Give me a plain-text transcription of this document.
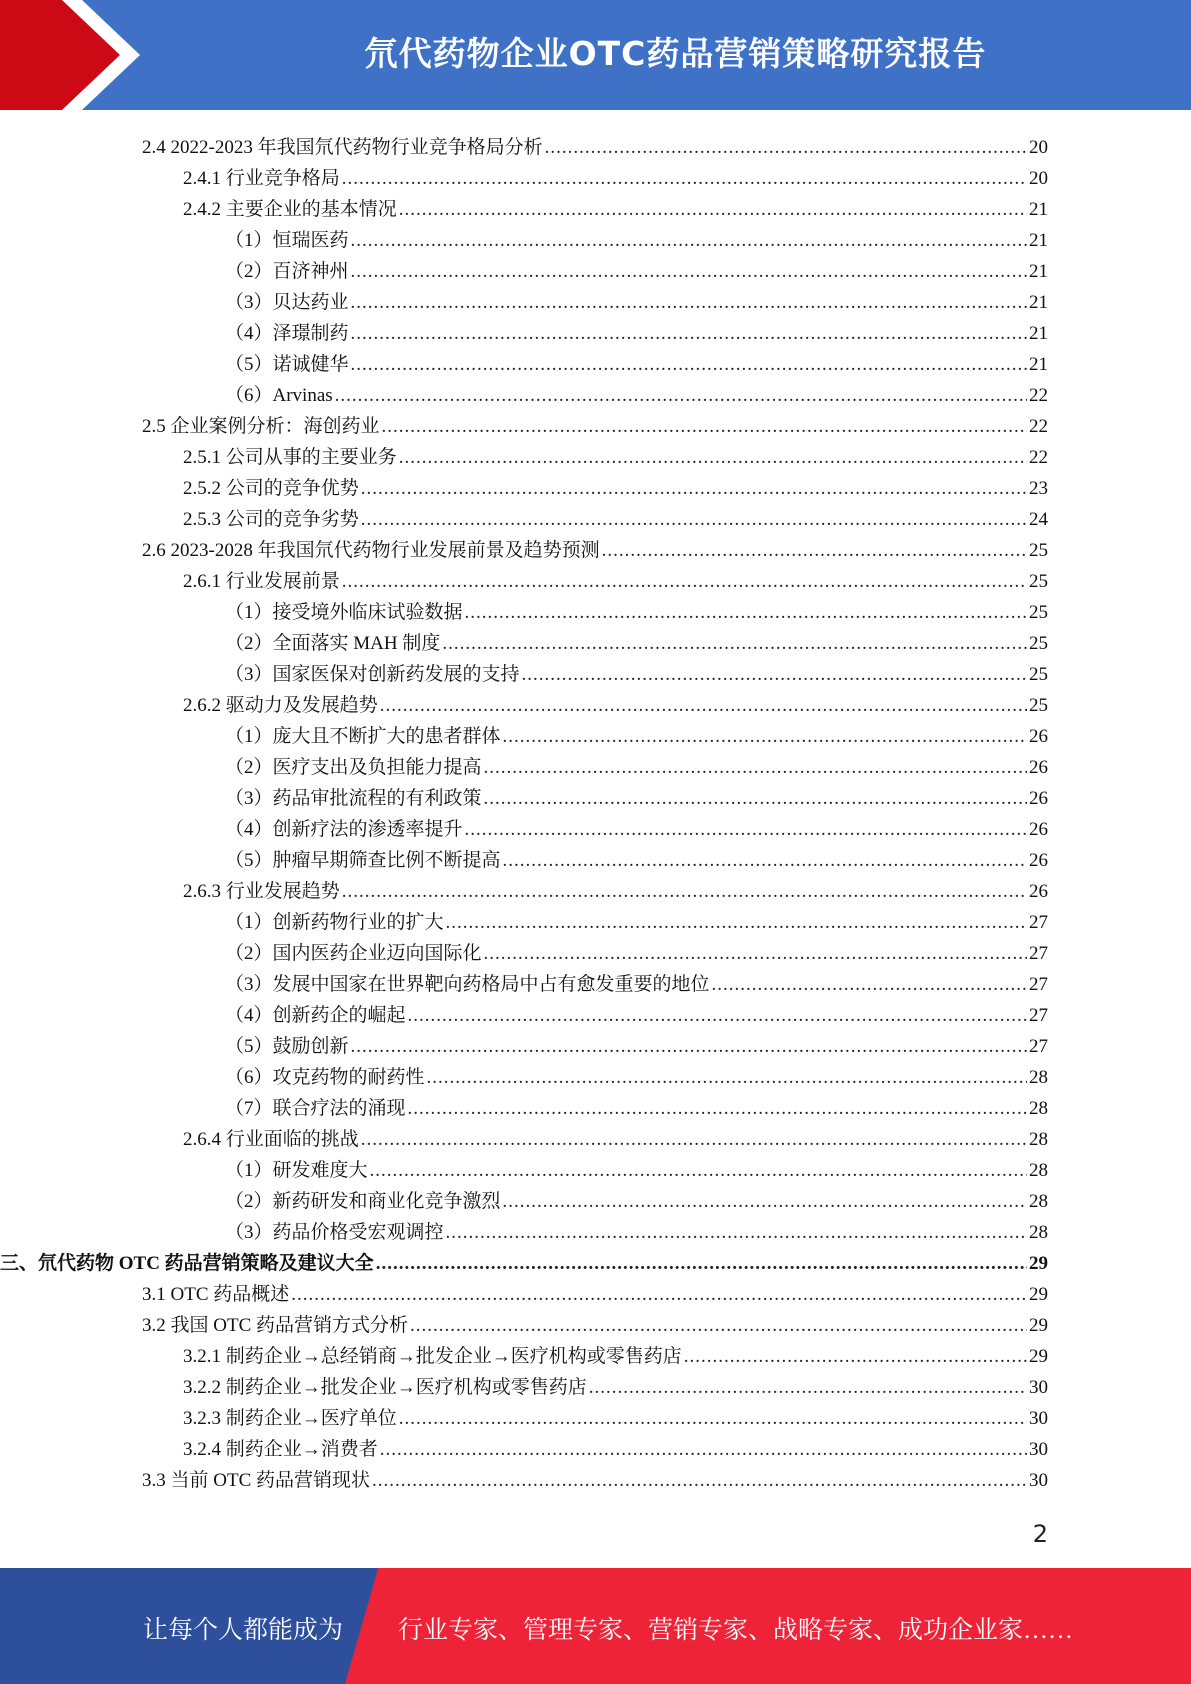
氘代药物企业OTC药品营销策略研究报告
2.4 2022-2023 年我国氘代药物行业竞争格局分析 .....	20
2.4.1 行业竞争格局 .....	20
2.4.2 主要企业的基本情况 .....	21
（1）恒瑞医药 .....	21
（2）百济神州 .....	21
（3）贝达药业 .....	21
（4）泽璟制药 .....	21
（5）诺诚健华 .....	21
（6）Arvinas .....	22
2.5 企业案例分析：海创药业 .....	22
2.5.1 公司从事的主要业务 .....	22
2.5.2 公司的竞争优势 .....	23
2.5.3 公司的竞争劣势 .....	24
2.6 2023-2028 年我国氘代药物行业发展前景及趋势预测 .....	25
2.6.1 行业发展前景 .....	25
（1）接受境外临床试验数据 .....	25
（2）全面落实 MAH 制度 .....	25
（3）国家医保对创新药发展的支持 .....	25
2.6.2 驱动力及发展趋势 .....	25
（1）庞大且不断扩大的患者群体 .....	26
（2）医疗支出及负担能力提高 .....	26
（3）药品审批流程的有利政策 .....	26
（4）创新疗法的渗透率提升 .....	26
（5）肿瘤早期筛查比例不断提高 .....	26
2.6.3 行业发展趋势 .....	26
（1）创新药物行业的扩大 .....	27
（2）国内医药企业迈向国际化 .....	27
（3）发展中国家在世界靶向药格局中占有愈发重要的地位 .....	27
（4）创新药企的崛起 .....	27
（5）鼓励创新 .....	27
（6）攻克药物的耐药性 .....	28
（7）联合疗法的涌现 .....	28
2.6.4 行业面临的挑战 .....	28
（1）研发难度大 .....	28
（2）新药研发和商业化竞争激烈 .....	28
（3）药品价格受宏观调控 .....	28
三、氘代药物 OTC 药品营销策略及建议大全 .....	29
3.1 OTC 药品概述 .....	29
3.2 我国 OTC 药品营销方式分析 .....	29
3.2.1 制药企业→总经销商→批发企业→医疗机构或零售药店 .....	29
3.2.2 制药企业→批发企业→医疗机构或零售药店 .....	30
3.2.3 制药企业→医疗单位 .....	30
3.2.4 制药企业→消费者 .....	30
3.3 当前 OTC 药品营销现状 .....	30
2
让每个人都能成为 行业专家、管理专家、营销专家、战略专家、成功企业家……
